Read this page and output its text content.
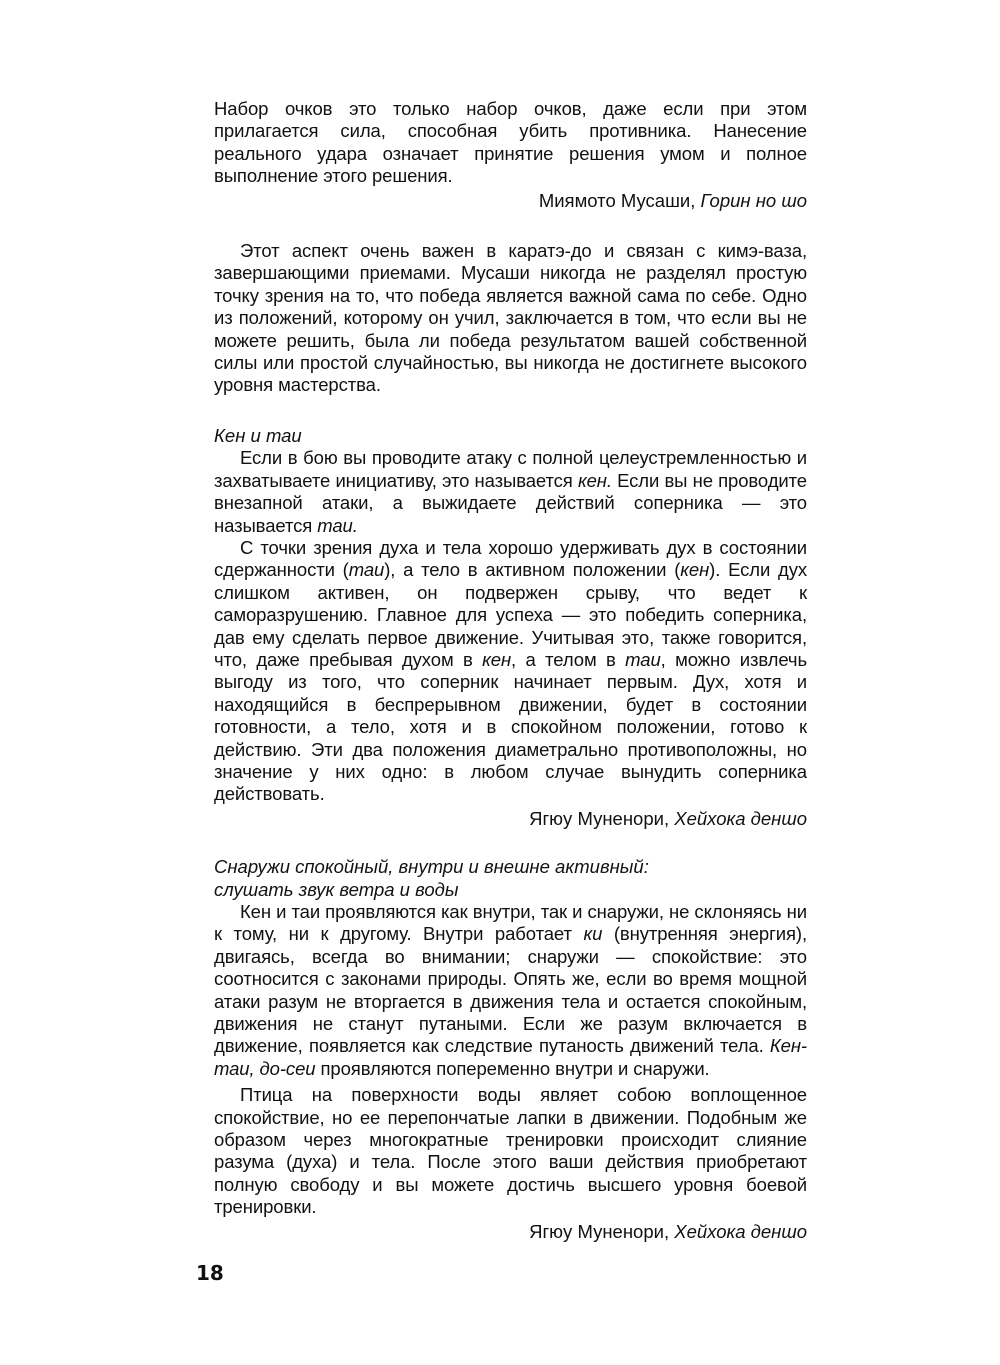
Набор очков это только набор очков, даже если при этом прилагается сила, способная убить противника. Нанесение реального удара означает принятие решения умом и полное выполнение этого решения.

Миямото Мусаши, Горин но шо

Этот аспект очень важен в каратэ-до и связан с кимэ-ваза, завершающими приемами. Мусаши никогда не разделял простую точку зрения на то, что победа является важной сама по себе. Одно из положений, которому он учил, заключается в том, что если вы не можете решить, была ли победа результатом вашей собственной силы или простой случайностью, вы никогда не достигнете высокого уровня мастерства.

Кен и таи

Если в бою вы проводите атаку с полной целеустремленностью и захватываете инициативу, это называется кен. Если вы не проводите внезапной атаки, а выжидаете действий соперника — это называется таи.

С точки зрения духа и тела хорошо удерживать дух в состоянии сдержанности (таи), а тело в активном положении (кен). Если дух слишком активен, он подвержен срыву, что ведет к саморазрушению. Главное для успеха — это победить соперника, дав ему сделать первое движение. Учитывая это, также говорится, что, даже пребывая духом в кен, а телом в таи, можно извлечь выгоду из того, что соперник начинает первым. Дух, хотя и находящийся в беспрерывном движении, будет в состоянии готовности, а тело, хотя и в спокойном положении, готово к действию. Эти два положения диаметрально противоположны, но значение у них одно: в любом случае вынудить соперника действовать.

Ягюу Муненори, Хейхока деншо

Снаружи спокойный, внутри и внешне активный:
слушать звук ветра и воды

Кен и таи проявляются как внутри, так и снаружи, не склоняясь ни к тому, ни к другому. Внутри работает ки (внутренняя энергия), двигаясь, всегда во внимании; снаружи — спокойствие: это соотносится с законами природы. Опять же, если во время мощной атаки разум не вторгается в движения тела и остается спокойным, движения не станут путаными. Если же разум включается в движение, появляется как следствие путаность движений тела. Кен-таи, до-сеи проявляются попеременно внутри и снаружи.

Птица на поверхности воды являет собою воплощенное спокойствие, но ее перепончатые лапки в движении. Подобным же образом через многократные тренировки происходит слияние разума (духа) и тела. После этого ваши действия приобретают полную свободу и вы можете достичь высшего уровня боевой тренировки.

Ягюу Муненори, Хейхока деншо

18
